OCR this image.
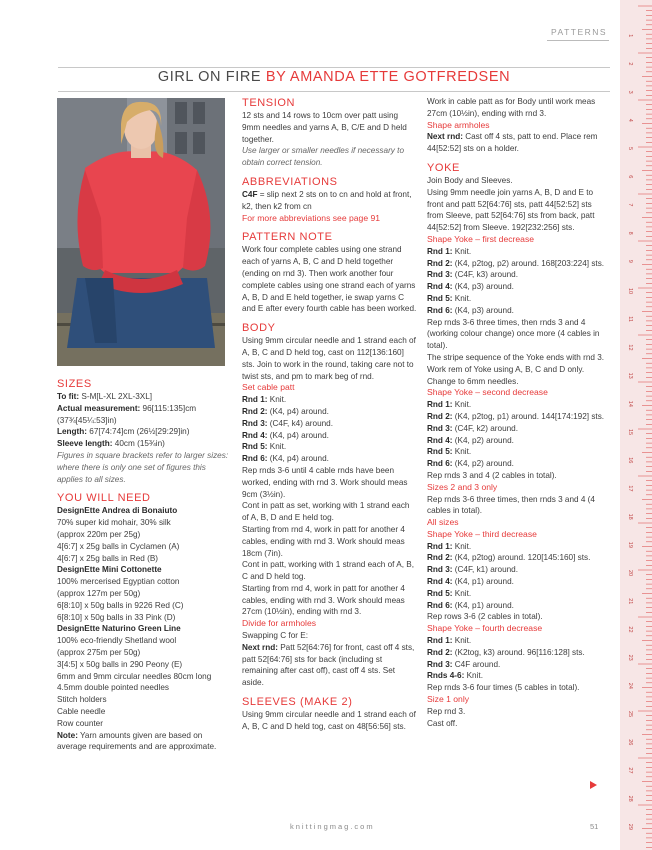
PATTERNS
GIRL ON FIRE BY AMANDA ETTE GOTFREDSEN

SIZES

To fit: S-M[L-XL 2XL-3XL]

Actual measurement: 96[115:135]cm (37¾[45¼:53]in)

Length: 67[74:74]cm (26½[29:29]in)

Sleeve length: 40cm (15¾in)

Figures in square brackets refer to larger sizes: where there is only one set of figures this applies to all sizes.

YOU WILL NEED

DesignEtte Andrea di Bonaiuto

70% super kid mohair, 30% silk

(approx 220m per 25g)

4[6:7] x 25g balls in Cyclamen (A)

4[6:7] x 25g balls in Red (B)

DesignEtte Mini Cottonette

100% mercerised Egyptian cotton

(approx 127m per 50g)

6[8:10] x 50g balls in 9226 Red (C)

6[8:10] x 50g balls in 33 Pink (D)

DesignEtte Naturino Green Line

100% eco-friendly Shetland wool

(approx 275m per 50g)

3[4:5] x 50g balls in 290 Peony (E)

6mm and 9mm circular needles 80cm long

4.5mm double pointed needles

Stitch holders

Cable needle

Row counter

Note: Yarn amounts given are based on average requirements and are approximate.

TENSION

12 sts and 14 rows to 10cm over patt using 9mm needles and yarns A, B, C/E and D held together.

Use larger or smaller needles if necessary to obtain correct tension.

ABBREVIATIONS

C4F = slip next 2 sts on to cn and hold at front, k2, then k2 from cn

For more abbreviations see page 91

PATTERN NOTE

Work four complete cables using one strand each of yarns A, B, C and D held together (ending on rnd 3). Then work another four complete cables using one strand each of yarns A, B, D and E held together, ie swap yarns C and E after every fourth cable has been worked.

BODY

Using 9mm circular needle and 1 strand each of A, B, C and D held tog, cast on 112[136:160] sts. Join to work in the round, taking care not to twist sts, and pm to mark beg of rnd.

Set cable patt

Rnd 1: Knit.

Rnd 2: (K4, p4) around.

Rnd 3: (C4F, k4) around.

Rnd 4: (K4, p4) around.

Rnd 5: Knit.

Rnd 6: (K4, p4) around.

Rep rnds 3-6 until 4 cable rnds have been worked, ending with rnd 3. Work should meas 9cm (3½in).

Cont in patt as set, working with 1 strand each of A, B, D and E held tog.

Starting from rnd 4, work in patt for another 4 cables, ending with rnd 3. Work should meas 18cm (7in).

Cont in patt, working with 1 strand each of A, B, C and D held tog.

Starting from rnd 4, work in patt for another 4 cables, ending with rnd 3. Work should meas 27cm (10½in), ending with rnd 3.

Divide for armholes

Swapping C for E:

Next rnd: Patt 52[64:76] for front, cast off 4 sts, patt 52[64:76] sts for back (including st remaining after cast off), cast off 4 sts. Set aside.

SLEEVES (MAKE 2)

Using 9mm circular needle and 1 strand each of A, B, C and D held tog, cast on 48[56:56] sts.

Work in cable patt as for Body until work meas 27cm (10½in), ending with rnd 3.

Shape armholes

Next rnd: Cast off 4 sts, patt to end. Place rem 44[52:52] sts on a holder.

YOKE

Join Body and Sleeves.

Using 9mm needle join yarns A, B, D and E to front and patt 52[64:76] sts, patt 44[52:52] sts from Sleeve, patt 52[64:76] sts from back, patt 44[52:52] from Sleeve. 192[232:256] sts.

Shape Yoke – first decrease

Rnd 1: Knit.

Rnd 2: (K4, p2tog, p2) around. 168[203:224] sts.

Rnd 3: (C4F, k3) around.

Rnd 4: (K4, p3) around.

Rnd 5: Knit.

Rnd 6: (K4, p3) around.

Rep rnds 3-6 three times, then rnds 3 and 4 (working colour change) once more (4 cables in total).

The stripe sequence of the Yoke ends with rnd 3.

Work rem of Yoke using A, B, C and D only. Change to 6mm needles.

Shape Yoke – second decrease

Rnd 1: Knit.

Rnd 2: (K4, p2tog, p1) around. 144[174:192] sts.

Rnd 3: (C4F, k2) around.

Rnd 4: (K4, p2) around.

Rnd 5: Knit.

Rnd 6: (K4, p2) around.

Rep rnds 3 and 4 (2 cables in total).

Sizes 2 and 3 only

Rep rnds 3-6 three times, then rnds 3 and 4 (4 cables in total).

All sizes

Shape Yoke – third decrease

Rnd 1: Knit.

Rnd 2: (K4, p2tog) around. 120[145:160] sts.

Rnd 3: (C4F, k1) around.

Rnd 4: (K4, p1) around.

Rnd 5: Knit.

Rnd 6: (K4, p1) around.

Rep rows 3-6 (2 cables in total).

Shape Yoke – fourth decrease

Rnd 1: Knit.

Rnd 2: (K2tog, k3) around. 96[116:128] sts.

Rnd 3: C4F around.

Rnds 4-6: Knit.

Rep rnds 3-6 four times (5 cables in total).

Size 1 only

Rep rnd 3.

Cast off.

knittingmag.com	51
1
2
3
4
5
6
7
8
9
10
11
12
13
14
15
16
17
18
19
20
21
22
23
24
25
26
27
28
29
